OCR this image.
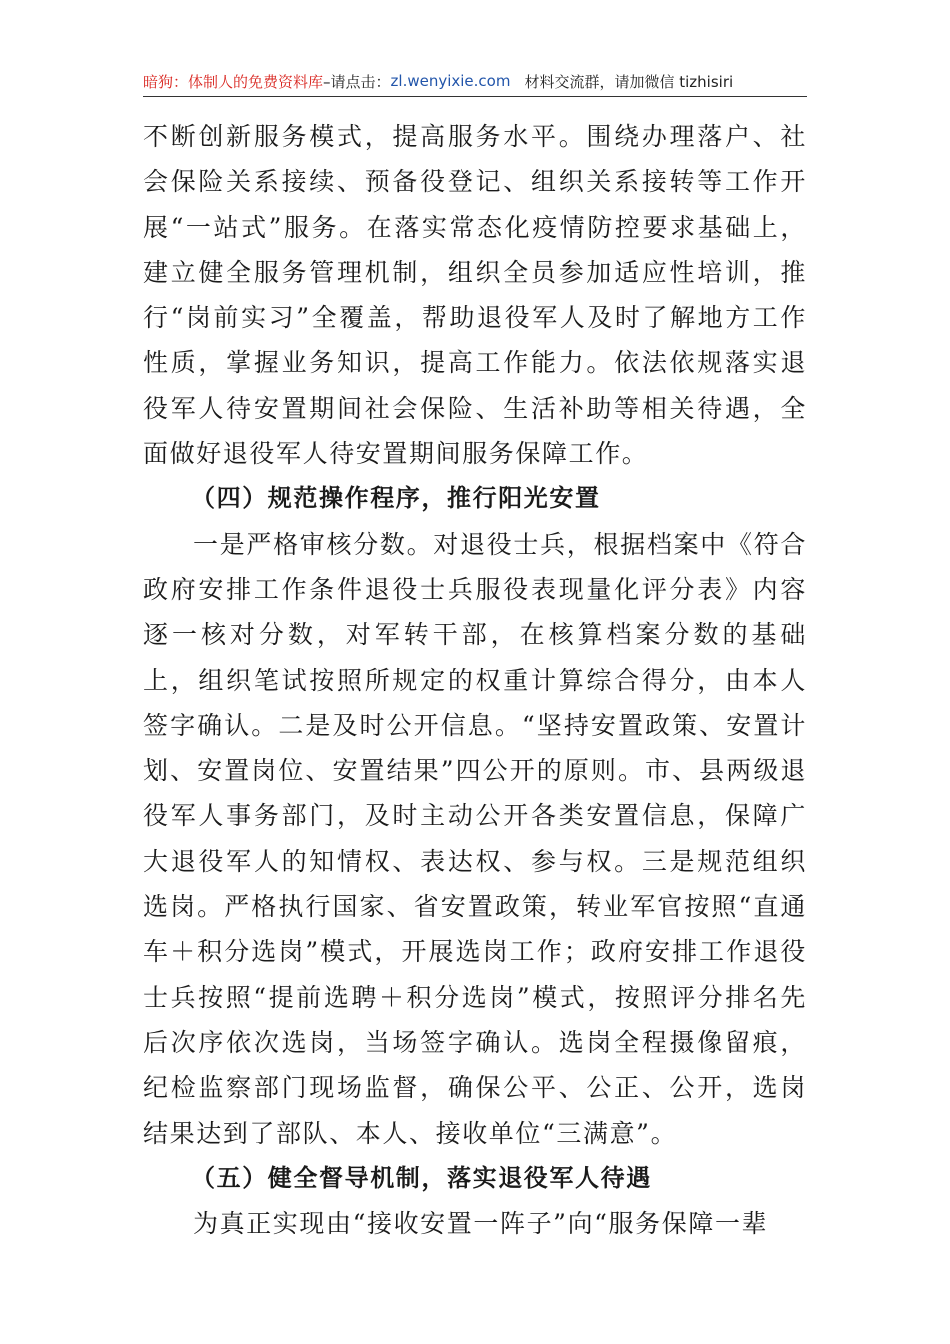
暗狗：体制人的免费资料库 –请点击： zl.wenyixie.com 材料交流群，请加微信 tizhisiri

不断创新服务模式，提高服务水平。围绕办理落户、社会保险关系接续、预备役登记、组织关系接转等工作开展“一站式”服务。在落实常态化疫情防控要求基础上，建立健全服务管理机制，组织全员参加适应性培训，推行“岗前实习”全覆盖，帮助退役军人及时了解地方工作性质，掌握业务知识，提高工作能力。依法依规落实退役军人待安置期间社会保险、生活补助等相关待遇，全面做好退役军人待安置期间服务保障工作。

（四）规范操作程序，推行阳光安置

一是严格审核分数。对退役士兵，根据档案中《符合政府安排工作条件退役士兵服役表现量化评分表》内容逐一核对分数，对军转干部，在核算档案分数的基础上，组织笔试按照所规定的权重计算综合得分，由本人签字确认。二是及时公开信息。“坚持安置政策、安置计划、安置岗位、安置结果”四公开的原则。市、县两级退役军人事务部门，及时主动公开各类安置信息，保障广大退役军人的知情权、表达权、参与权。三是规范组织选岗。严格执行国家、省安置政策，转业军官按照“直通车＋积分选岗”模式，开展选岗工作；政府安排工作退役士兵按照“提前选聘＋积分选岗”模式，按照评分排名先后次序依次选岗，当场签字确认。选岗全程摄像留痕，纪检监察部门现场监督，确保公平、公正、公开，选岗结果达到了部队、本人、接收单位“三满意”。

（五）健全督导机制，落实退役军人待遇

为真正实现由“接收安置一阵子”向“服务保障一辈
